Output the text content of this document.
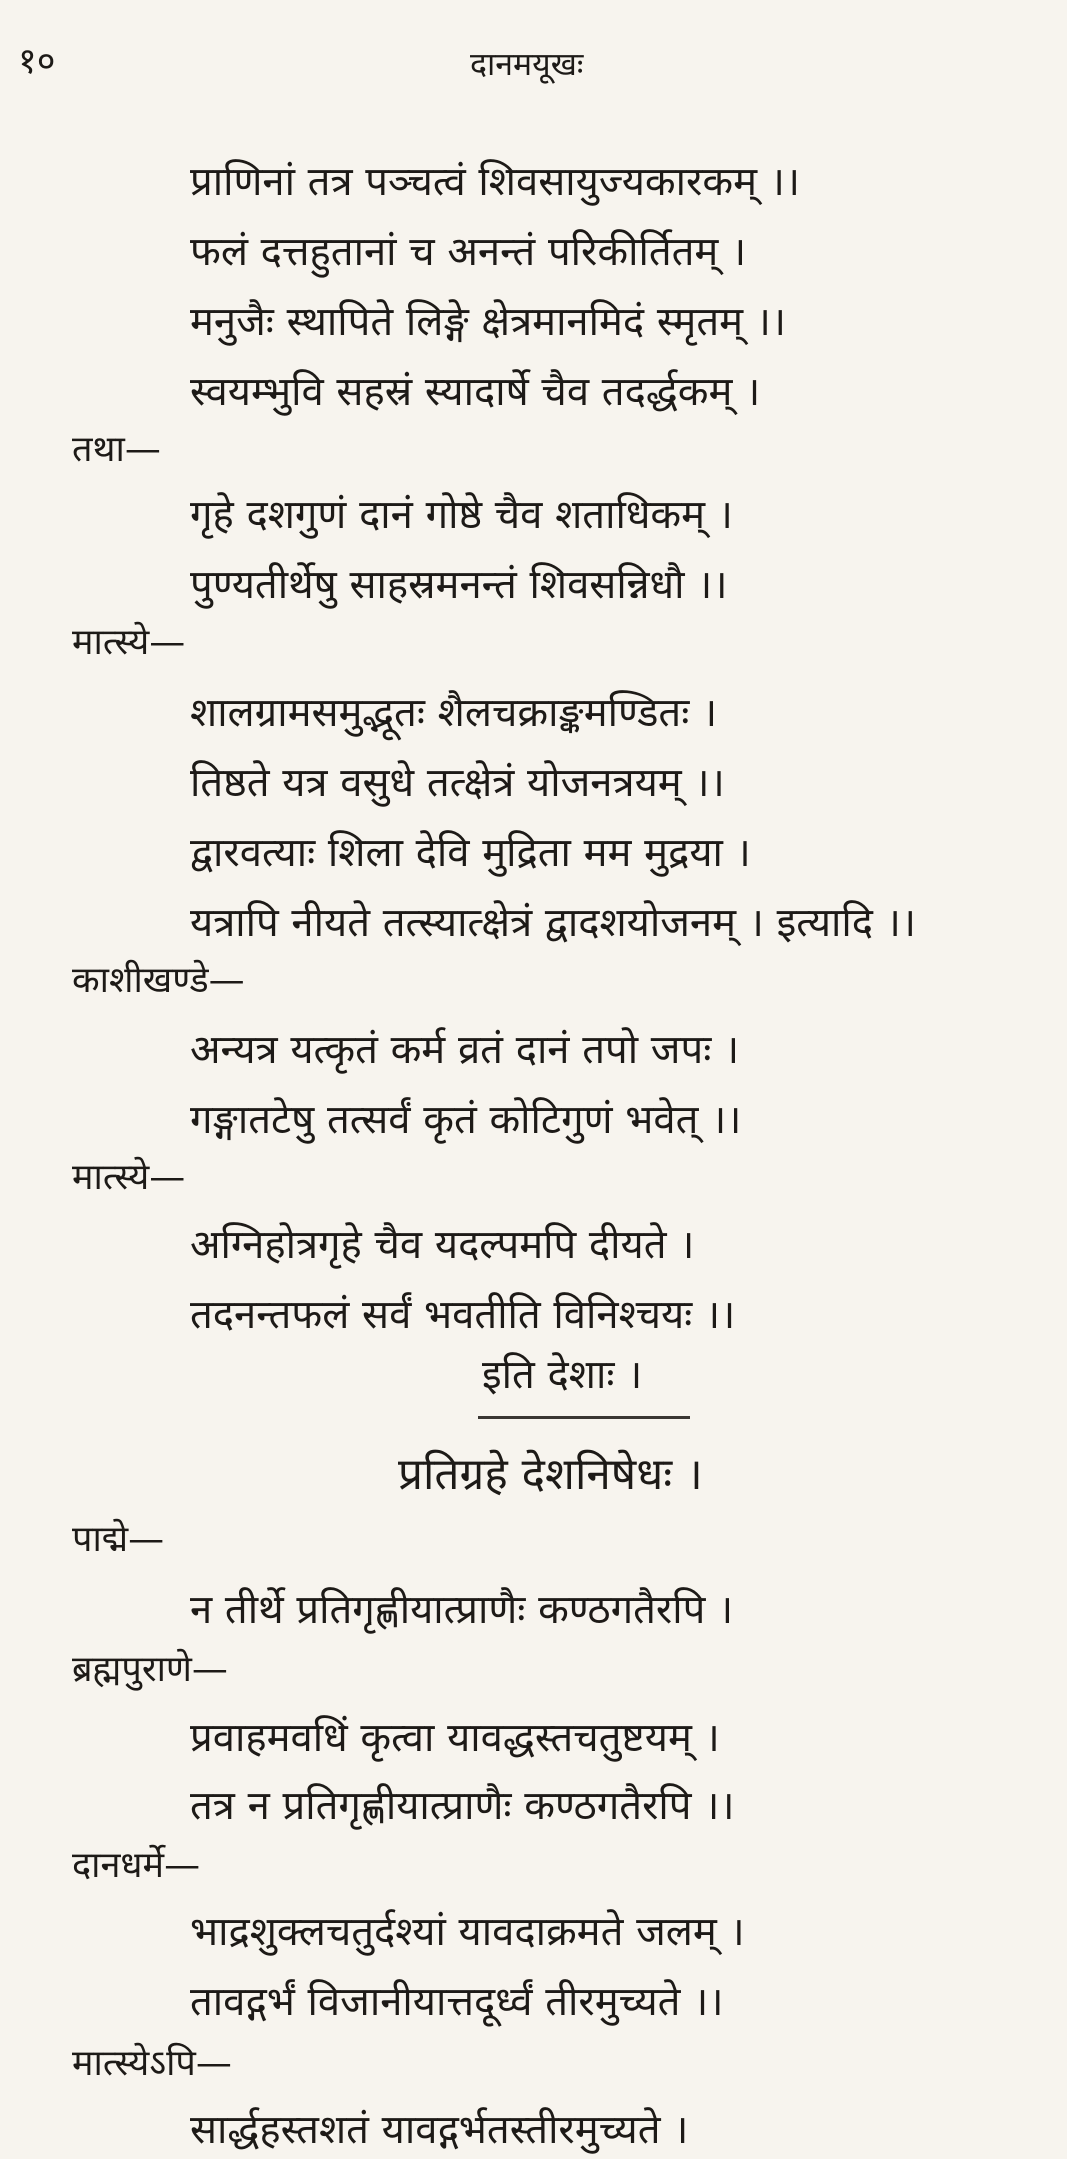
१०	दानमयूखः
प्राणिनां तत्र पञ्चत्वं शिवसायुज्यकारकम् ।।
फलं दत्तहुतानां च अनन्तं परिकीर्तितम् ।
मनुजैः स्थापिते लिङ्गे क्षेत्रमानमिदं स्मृतम् ।।
स्वयम्भुवि सहस्रं स्यादार्षे चैव तदर्द्धकम् ।
तथा—
गृहे दशगुणं दानं गोष्ठे चैव शताधिकम् ।
पुण्यतीर्थेषु साहस्रमनन्तं शिवसन्निधौ ।।
मात्स्ये—
शालग्रामसमुद्भूतः शैलचक्राङ्कमण्डितः ।
तिष्ठते यत्र वसुधे तत्क्षेत्रं योजनत्रयम् ।।
द्वारवत्याः शिला देवि मुद्रिता मम मुद्रया ।
यत्रापि नीयते तत्स्यात्क्षेत्रं द्वादशयोजनम् । इत्यादि ।।
काशीखण्डे—
अन्यत्र यत्कृतं कर्म व्रतं दानं तपो जपः ।
गङ्गातटेषु तत्सर्वं कृतं कोटिगुणं भवेत् ।।
मात्स्ये—
अग्निहोत्रगृहे चैव यदल्पमपि दीयते ।
तदनन्तफलं सर्वं भवतीति विनिश्चयः ।।
इति देशाः ।
प्रतिग्रहे देशनिषेधः ।
पाद्मे—
न तीर्थे प्रतिगृह्णीयात्प्राणैः कण्ठगतैरपि ।
ब्रह्मपुराणे—
प्रवाहमवधिं कृत्वा यावद्धस्तचतुष्टयम् ।
तत्र न प्रतिगृह्णीयात्प्राणैः कण्ठगतैरपि ।।
दानधर्मे—
भाद्रशुक्लचतुर्दश्यां यावदाक्रमते जलम् ।
तावद्गर्भं विजानीयात्तदूर्ध्वं तीरमुच्यते ।।
मात्स्येऽपि—
सार्द्धहस्तशतं यावद्गर्भतस्तीरमुच्यते ।
